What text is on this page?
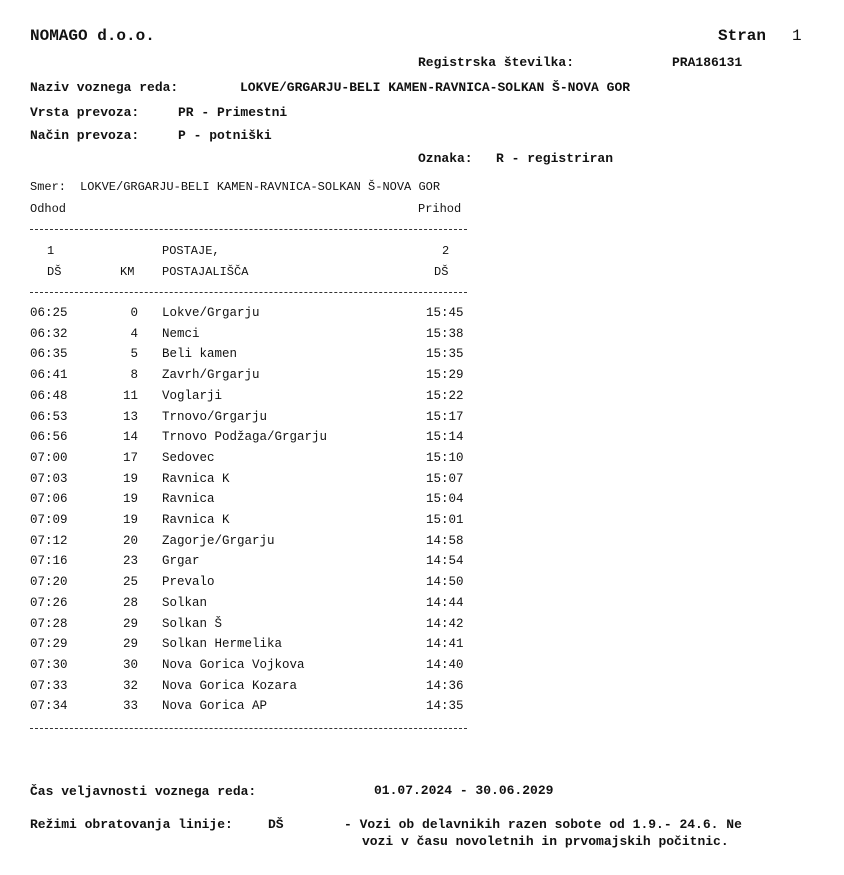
NOMAGO d.o.o.	Stran 1
Registrska številka:	PRA186131
Naziv voznega reda:	LOKVE/GRGARJU-BELI KAMEN-RAVNICA-SOLKAN Š-NOVA GOR
Vrsta prevoza:	PR - Primestni
Način prevoza:	P - potniški
Oznaka: R - registriran
Smer: LOKVE/GRGARJU-BELI KAMEN-RAVNICA-SOLKAN Š-NOVA GOR
Odhod	Prihod
1	POSTAJE,	2
DŠ	KM POSTAJALIŠČA	DŠ
06:25	0 Lokve/Grgarju	15:45
06:32	4 Nemci	15:38
06:35	5 Beli kamen	15:35
06:41	8 Zavrh/Grgarju	15:29
06:48	11 Voglarji	15:22
06:53	13 Trnovo/Grgarju	15:17
06:56	14 Trnovo Podžaga/Grgarju	15:14
07:00	17 Sedovec	15:10
07:03	19 Ravnica K	15:07
07:06	19 Ravnica	15:04
07:09	19 Ravnica K	15:01
07:12	20 Zagorje/Grgarju	14:58
07:16	23 Grgar	14:54
07:20	25 Prevalo	14:50
07:26	28 Solkan	14:44
07:28	29 Solkan Š	14:42
07:29	29 Solkan Hermelika	14:41
07:30	30 Nova Gorica Vojkova	14:40
07:33	32 Nova Gorica Kozara	14:36
07:34	33 Nova Gorica AP	14:35
Čas veljavnosti voznega reda:	01.07.2024 - 30.06.2029
Režimi obratovanja linije:	DŠ	- Vozi ob delavnikih razen sobote od 1.9.- 24.6. Ne
vozi v času novoletnih in prvomajskih počitnic.
